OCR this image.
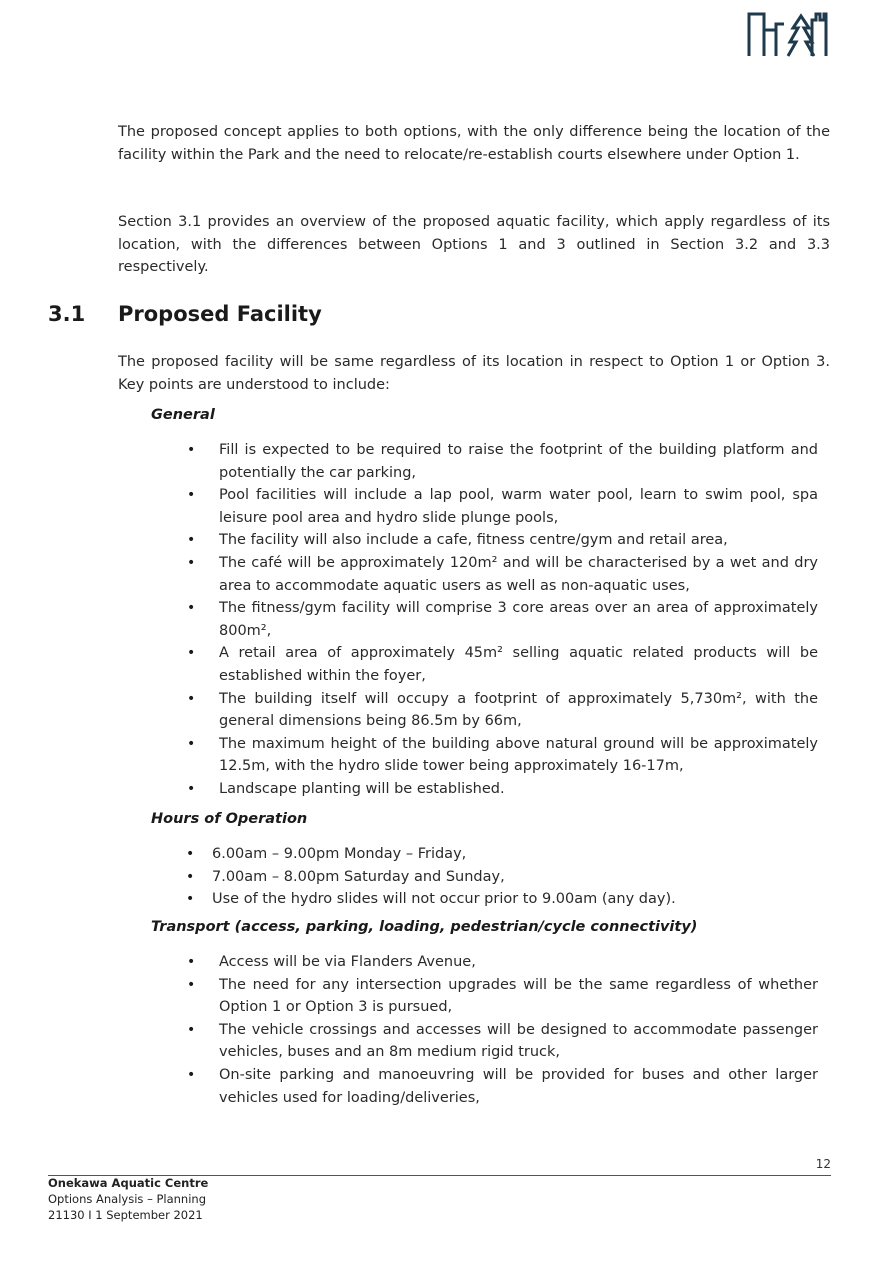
The proposed concept applies to both options, with the only difference being the location of the facility within the Park and the need to relocate/re-establish courts elsewhere under Option 1.

Section 3.1 provides an overview of the proposed aquatic facility, which apply regardless of its location, with the differences between Options 1 and 3 outlined in Section 3.2 and 3.3 respectively.

3.1 Proposed Facility

The proposed facility will be same regardless of its location in respect to Option 1 or Option 3. Key points are understood to include:

General
• Fill is expected to be required to raise the footprint of the building platform and potentially the car parking,
• Pool facilities will include a lap pool, warm water pool, learn to swim pool, spa leisure pool area and hydro slide plunge pools,
• The facility will also include a cafe, fitness centre/gym and retail area,
• The café will be approximately 120m² and will be characterised by a wet and dry area to accommodate aquatic users as well as non-aquatic uses,
• The fitness/gym facility will comprise 3 core areas over an area of approximately 800m²,
• A retail area of approximately 45m² selling aquatic related products will be established within the foyer,
• The building itself will occupy a footprint of approximately 5,730m², with the general dimensions being 86.5m by 66m,
• The maximum height of the building above natural ground will be approximately 12.5m, with the hydro slide tower being approximately 16-17m,
• Landscape planting will be established.
Hours of Operation
• 6.00am – 9.00pm Monday – Friday,
• 7.00am – 8.00pm Saturday and Sunday,
• Use of the hydro slides will not occur prior to 9.00am (any day).
Transport (access, parking, loading, pedestrian/cycle connectivity)
• Access will be via Flanders Avenue,
• The need for any intersection upgrades will be the same regardless of whether Option 1 or Option 3 is pursued,
• The vehicle crossings and accesses will be designed to accommodate passenger vehicles, buses and an 8m medium rigid truck,
• On-site parking and manoeuvring will be provided for buses and other larger vehicles used for loading/deliveries,
12
Onekawa Aquatic Centre
Options Analysis – Planning
21130 I 1 September 2021
